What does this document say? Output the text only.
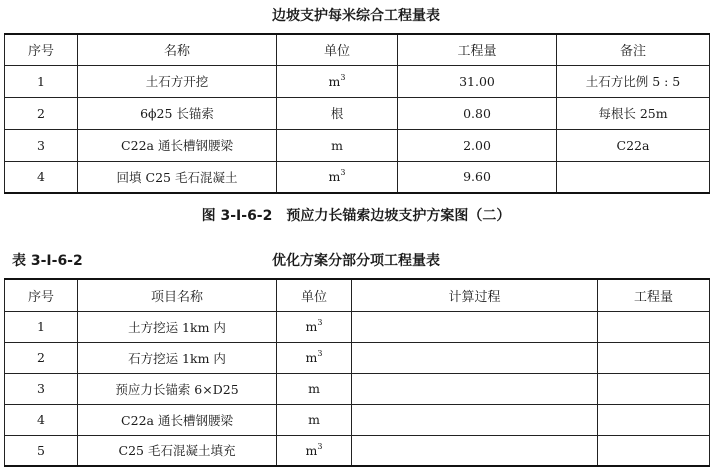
边坡支护每米综合工程量表
序号	名称	单位	工程量	备注
1	土石方开挖	$m^3$	31.00	土石方比例 5 : 5
2	6ϕ25 长锚索	根	0.80	每根长 25m
3	C22a 通长槽钢腰梁	m	2.00	C22a
4	回填 C25 毛石混凝土	$m^3$	9.60	
图 3-Ⅰ-6-2　预应力长锚索边坡支护方案图（二）
表 3-Ⅰ-6-2	优化方案分部分项工程量表
序号	项目名称	单位	计算过程	工程量
1	土方挖运 1km 内	$m^3$		
2	石方挖运 1km 内	$m^3$		
3	预应力长锚索 6×D25	m		
4	C22a 通长槽钢腰梁	m		
5	C25 毛石混凝土填充	$m^3$		
